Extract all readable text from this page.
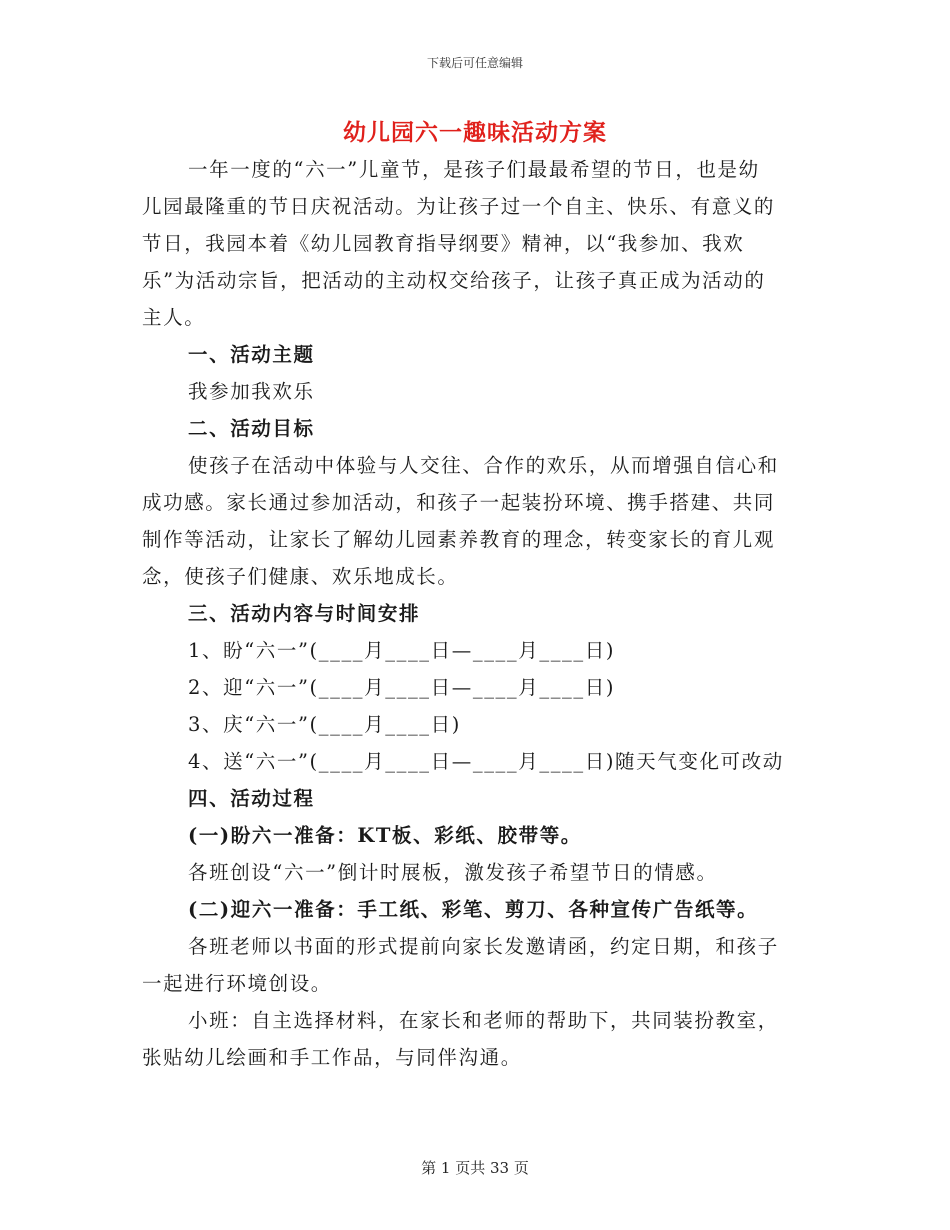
下载后可任意编辑
幼儿园六一趣味活动方案
一年一度的“六一”儿童节，是孩子们最最希望的节日，也是幼
儿园最隆重的节日庆祝活动。为让孩子过一个自主、快乐、有意义的
节日，我园本着《幼儿园教育指导纲要》精神，以“我参加、我欢
乐”为活动宗旨，把活动的主动权交给孩子，让孩子真正成为活动的
主人。
一、活动主题
我参加我欢乐
二、活动目标
使孩子在活动中体验与人交往、合作的欢乐，从而增强自信心和
成功感。家长通过参加活动，和孩子一起装扮环境、携手搭建、共同
制作等活动，让家长了解幼儿园素养教育的理念，转变家长的育儿观
念，使孩子们健康、欢乐地成长。
三、活动内容与时间安排
1、盼“六一”(____月____日—____月____日)
2、迎“六一”(____月____日—____月____日)
3、庆“六一”(____月____日)
4、送“六一”(____月____日—____月____日)随天气变化可改动
四、活动过程
(一)盼六一准备：KT板、彩纸、胶带等。
各班创设“六一”倒计时展板，激发孩子希望节日的情感。
(二)迎六一准备：手工纸、彩笔、剪刀、各种宣传广告纸等。
各班老师以书面的形式提前向家长发邀请函，约定日期，和孩子
一起进行环境创设。
小班：自主选择材料，在家长和老师的帮助下，共同装扮教室，
张贴幼儿绘画和手工作品，与同伴沟通。
第 1 页共 33 页
